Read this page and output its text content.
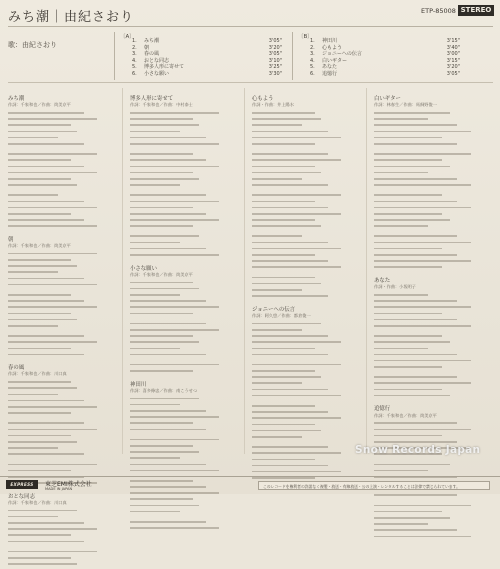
みち潮｜由紀さおり
歌：由紀さおり
ETP-85008 STEREO
〔A〕
1.	みち潮	3'05"
2.	朝	3'20"
3.	春の風	3'05"
4.	おとな同志	3'10"
5.	博多人形に寄せて	3'25"
6.	小さな願い	3'30"
〔B〕
1.	神田川	3'15"
2.	心もよう	3'40"
3.	ジョニーへの伝言	3'00"
4.	白いギター	3'15"
5.	あなた	3'20"
6.	追憶行	3'05"
みち潮
作詞：千家和也／作曲：筒美京平
朝
作詞：千家和也／作曲：筒美京平
春の風
作詞：千家和也／作曲：川口真
おとな同志
作詞：千家和也／作曲：川口真
博多人形に寄せて
作詞：千家和也／作曲：中村泰士
小さな願い
作詞：千家和也／作曲：筒美京平
神田川
作詞：喜多條忠／作曲：南こうせつ
心もよう
作詞・作曲：井上陽水
ジョニーへの伝言
作詞：阿久悠／作曲：都倉俊一
白いギター
作詞：林春生／作曲：馬飼野俊一
あなた
作詞・作曲：小坂明子
追憶行
作詞：千家和也／作曲：筒美京平
Snow Records Japan
EXPRESS	東芝EMI株式会社
MADE IN JAPAN	このレコードを権利者の許諾なく複製・放送・有線放送・公の上演・レンタルすることは法律で禁じられています。
